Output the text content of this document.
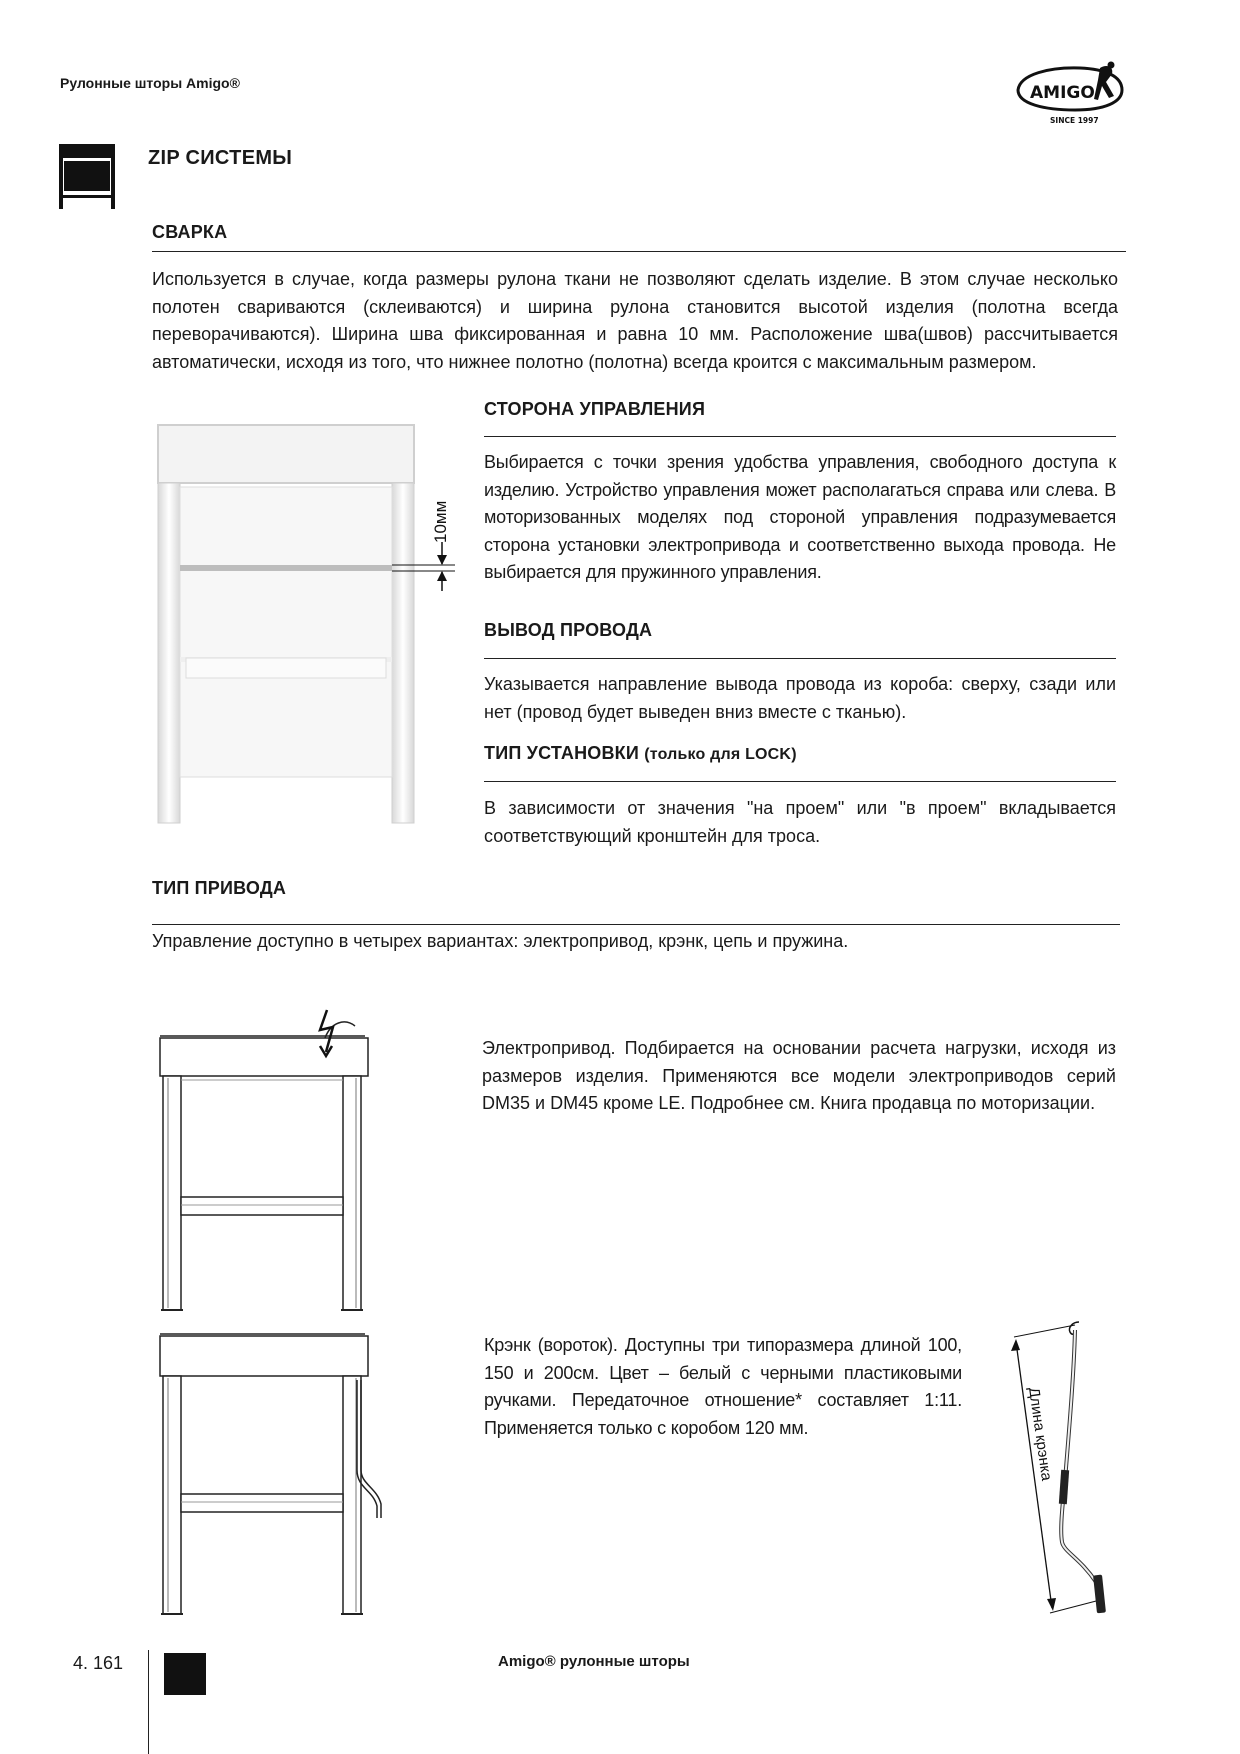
Рулонные шторы Amigo®	AMIGO
SINCE 1997
ZIP СИСТЕМЫ
СВАРКА
Используется в случае, когда размеры рулона ткани не позволяют сделать изделие. В этом случае несколько полотен свариваются (склеиваются) и ширина рулона становится высотой изделия (полотна всегда переворачиваются). Ширина шва фиксированная и равна 10 мм. Расположение шва(швов) рассчитывается автоматически, исходя из того, что нижнее полотно (полотна) всегда кроится с максимальным размером.
10мм
СТОРОНА УПРАВЛЕНИЯ
Выбирается с точки зрения удобства управления, свободного доступа к изделию. Устройство управления может располагаться справа или слева. В моторизованных моделях под стороной управления подразумевается сторона установки электропривода и соответственно выхода провода. Не выбирается для пружинного управления.
ВЫВОД ПРОВОДА
Указывается направление вывода провода из короба: сверху, сзади или нет (провод будет выведен вниз вместе с тканью).
ТИП УСТАНОВКИ (только для LOCK)
В зависимости от значения "на проем" или "в проем" вкладывается соответствующий кронштейн для троса.
ТИП ПРИВОДА
Управление доступно в четырех вариантах: электропривод, крэнк, цепь и пружина.
Электропривод. Подбирается на основании расчета нагрузки, исходя из размеров изделия. Применяются все модели электроприводов серий DM35 и DM45 кроме LE. Подробнее см. Книга продавца по моторизации.
Крэнк (вороток). Доступны три типоразмера длиной 100, 150 и 200см. Цвет – белый с черными пластиковыми ручками. Передаточное отношение* составляет 1:11. Применяется только с коробом 120 мм.	Длина крэнка
4. 161	Amigo® рулонные шторы
